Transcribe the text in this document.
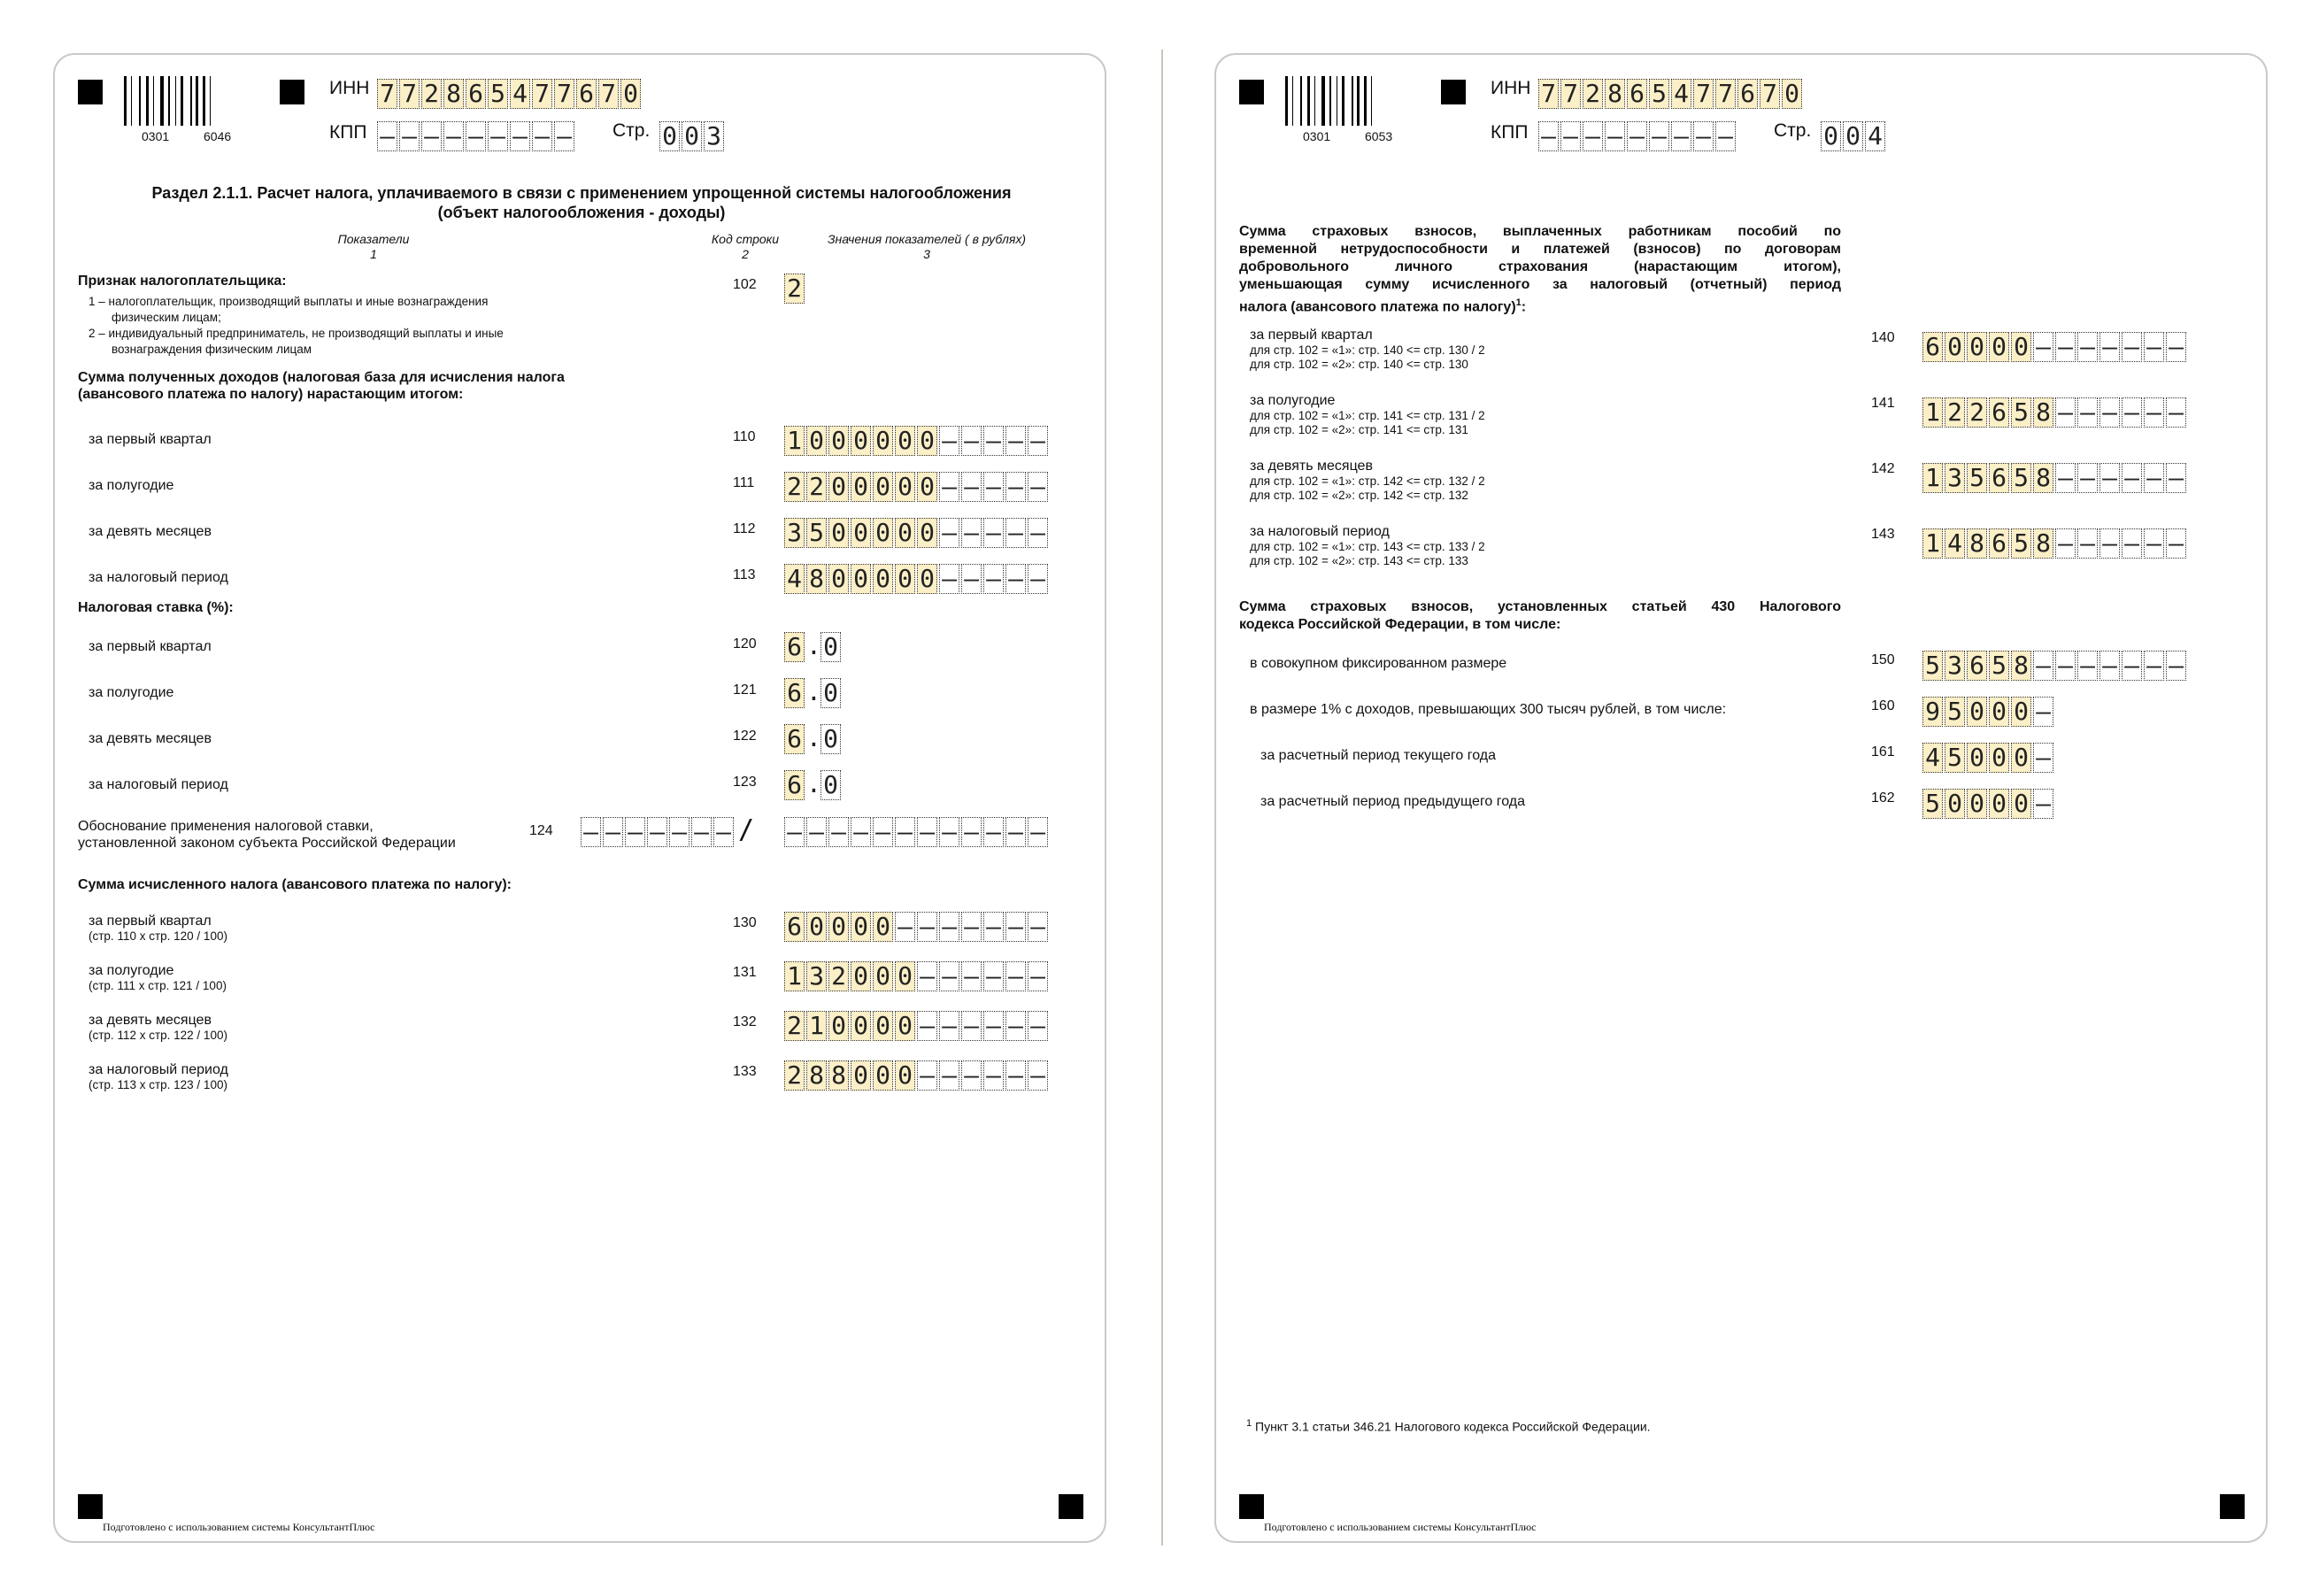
0301	6046
ИНН 7 7 2 8 6 5 4 7 7 6 7 0
КПП – – – – – – – – – Стр. 0 0 3
Раздел 2.1.1. Расчет налога, уплачиваемого в связи с применением упрощенной системы налогообложения
(объект налогообложения - доходы)
Показатели
1
Код строки
2
Значения показателей ( в рублях)
3
Признак налогоплательщика:
1 – налогоплательщик, производящий выплаты и иные вознаграждения
физическим лицам;
2 – индивидуальный предприниматель, не производящий выплаты и иные
вознаграждения физическим лицам
102 2
Сумма полученных доходов (налоговая база для исчисления налога
(авансового платежа по налогу) нарастающим итогом:
за первый квартал	110 1 0 0 0 0 0 0 – – – – –
за полугодие	111 2 2 0 0 0 0 0 – – – – –
за девять месяцев	112 3 5 0 0 0 0 0 – – – – –
за налоговый период	113 4 8 0 0 0 0 0 – – – – –
Налоговая ставка (%):
за первый квартал	120 6 . 0
за полугодие	121 6 . 0
за девять месяцев	122 6 . 0
за налоговый период	123 6 . 0
Обоснование применения налоговой ставки,
установленной законом субъекта Российской Федерации
124 – – – – – – – / – – – – – – – – – – – –
Сумма исчисленного налога (авансового платежа по налогу):
за первый квартал
(стр. 110 х стр. 120 / 100)
130 6 0 0 0 0 – – – – – – –
за полугодие
(стр. 111 х стр. 121 / 100)
131 1 3 2 0 0 0 – – – – – –
за девять месяцев
(стр. 112 х стр. 122 / 100)
132 2 1 0 0 0 0 – – – – – –
за налоговый период
(стр. 113 х стр. 123 / 100)
133 2 8 8 0 0 0 – – – – – –
Подготовлено с использованием системы КонсультантПлюс
0301	6053
ИНН 7 7 2 8 6 5 4 7 7 6 7 0
КПП – – – – – – – – – Стр. 0 0 4
Сумма страховых взносов, выплаченных работникам пособий по
временной нетрудоспособности и платежей (взносов) по договорам
добровольного личного страхования (нарастающим итогом),
уменьшающая сумму исчисленного за налоговый (отчетный) период
налога (авансового платежа по налогу)$^1$:
за первый квартал
для стр. 102 = «1»: стр. 140 <= стр. 130 / 2
для стр. 102 = «2»: стр. 140 <= стр. 130
140 6 0 0 0 0 – – – – – – –
за полугодие
для стр. 102 = «1»: стр. 141 <= стр. 131 / 2
для стр. 102 = «2»: стр. 141 <= стр. 131
141 1 2 2 6 5 8 – – – – – –
за девять месяцев
для стр. 102 = «1»: стр. 142 <= стр. 132 / 2
для стр. 102 = «2»: стр. 142 <= стр. 132
142 1 3 5 6 5 8 – – – – – –
за налоговый период
для стр. 102 = «1»: стр. 143 <= стр. 133 / 2
для стр. 102 = «2»: стр. 143 <= стр. 133
143 1 4 8 6 5 8 – – – – – –
Сумма страховых взносов, установленных статьей 430 Налогового
кодекса Российской Федерации, в том числе:
в совокупном фиксированном размере	150 5 3 6 5 8 – – – – – – –
в размере 1% с доходов, превышающих 300 тысяч рублей, в том числе:	160 9 5 0 0 0 –
за расчетный период текущего года	161 4 5 0 0 0 –
за расчетный период предыдущего года	162 5 0 0 0 0 –
$^1$ Пункт 3.1 статьи 346.21 Налогового кодекса Российской Федерации.
Подготовлено с использованием системы КонсультантПлюс
